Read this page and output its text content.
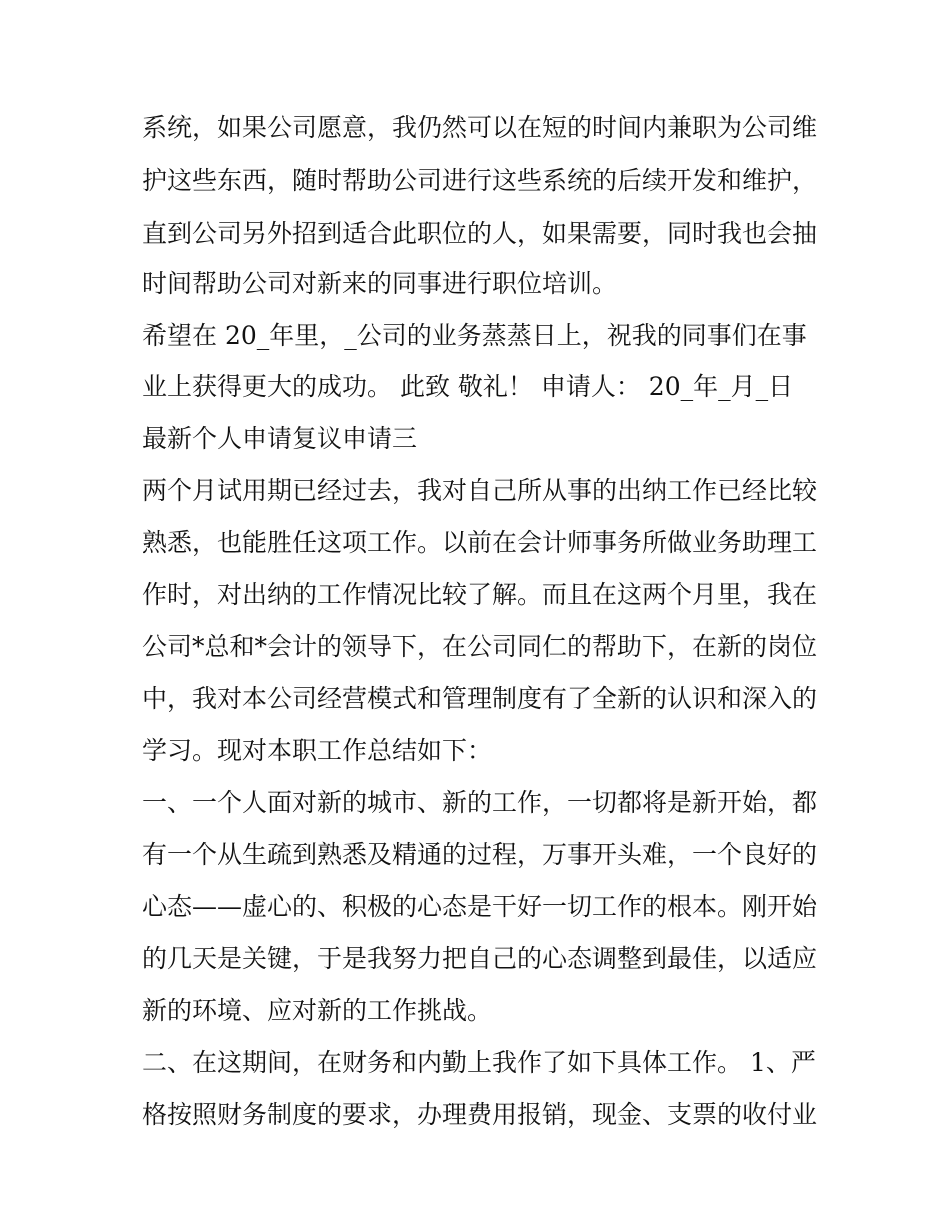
系统，如果公司愿意，我仍然可以在短的时间内兼职为公司维
护这些东西，随时帮助公司进行这些系统的后续开发和维护，
直到公司另外招到适合此职位的人，如果需要，同时我也会抽
时间帮助公司对新来的同事进行职位培训。
希望在 20_年里，_公司的业务蒸蒸日上，祝我的同事们在事
业上获得更大的成功。 此致 敬礼！ 申请人： 20_年_月_日
最新个人申请复议申请三
两个月试用期已经过去，我对自己所从事的出纳工作已经比较
熟悉，也能胜任这项工作。以前在会计师事务所做业务助理工
作时，对出纳的工作情况比较了解。而且在这两个月里，我在
公司*总和*会计的领导下，在公司同仁的帮助下，在新的岗位
中，我对本公司经营模式和管理制度有了全新的认识和深入的
学习。现对本职工作总结如下：
一、一个人面对新的城市、新的工作，一切都将是新开始，都
有一个从生疏到熟悉及精通的过程，万事开头难，一个良好的
心态——虚心的、积极的心态是干好一切工作的根本。刚开始
的几天是关键，于是我努力把自己的心态调整到最佳，以适应
新的环境、应对新的工作挑战。
二、在这期间，在财务和内勤上我作了如下具体工作。 1、严
格按照财务制度的要求，办理费用报销，现金、支票的收付业
